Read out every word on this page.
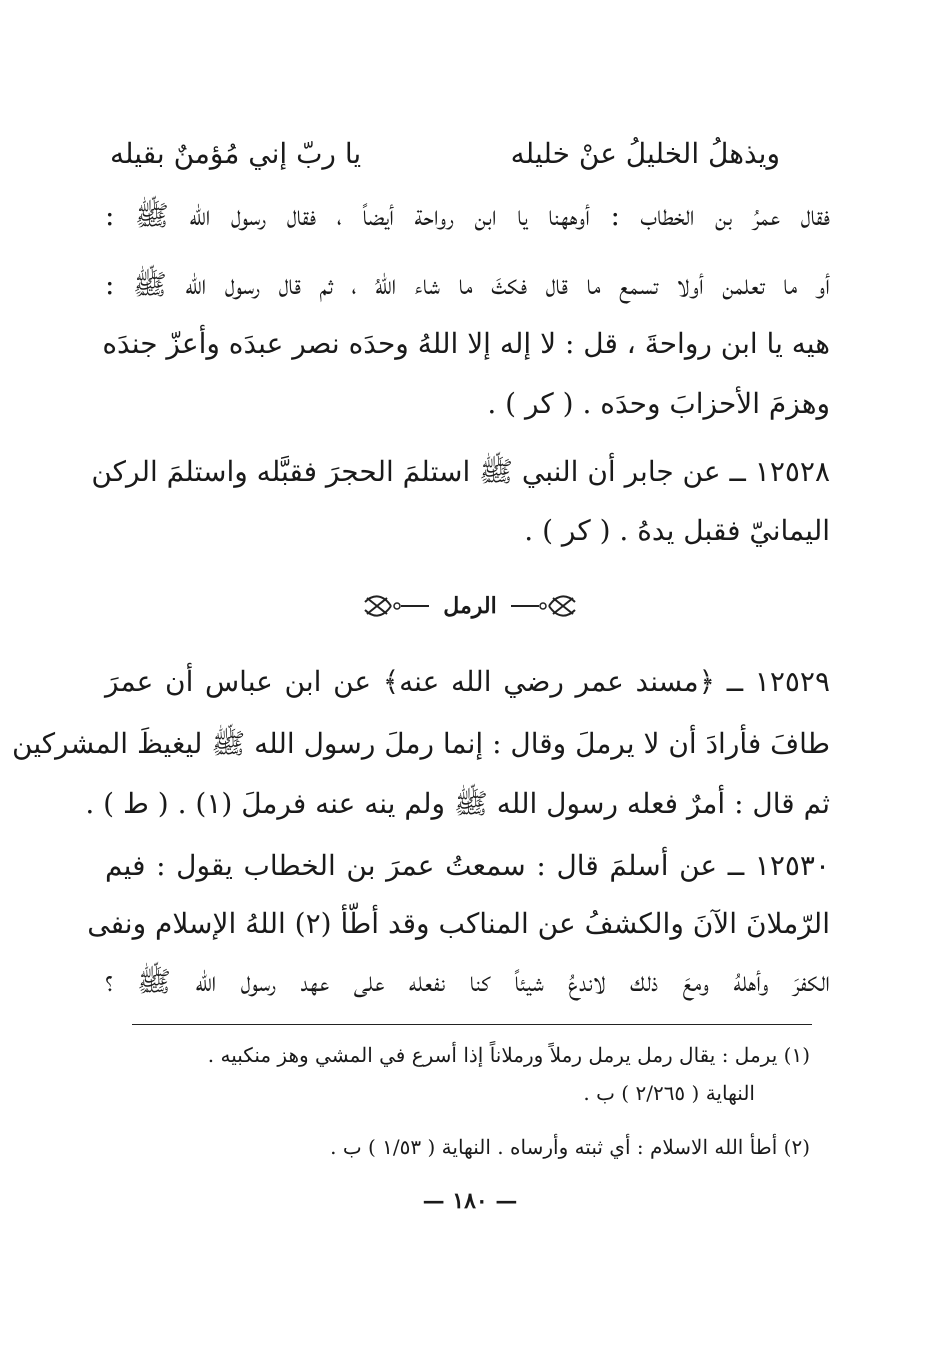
ويذهلُ الخليلُ عنْ خليله
يا ربّ إني مُؤمنٌ بقيله
فقال عمرُ بن الخطاب : أوههنا يا ابن رواحة أيضاً ، فقال رسول الله ﷺ :
أو ما تعلمن أولا تسمع ما قال فكثَ ما شاء اللهُ ، ثم قال رسول الله ﷺ :
هيه يا ابن رواحةَ ، قل : لا إله إلا اللهُ وحدَه نصر عبدَه وأعزّ جندَه
وهزمَ الأحزابَ وحدَه . ( كر ) .
١٢٥٢٨ ــ عن جابر أن النبي ﷺ استلمَ الحجرَ فقبَّله واستلمَ الركن
اليمانيّ فقبل يدهُ . ( كر ) .
الرمل
١٢٥٢٩ ــ ﴿مسند عمر رضي الله عنه﴾ عن ابن عباس أن عمرَ
طافَ فأرادَ أن لا يرملَ وقال : إنما رملَ رسول الله ﷺ ليغيظَ المشركين
ثم قال : أمرٌ فعله رسول الله ﷺ ولم ينه عنه فرملَ (١) . ( ط ) .
١٢٥٣٠ ــ عن أسلمَ قال : سمعتُ عمرَ بن الخطاب يقول : فيم
الرّملانَ الآنَ والكشفُ عن المناكب وقد أطّأ (٢) اللهُ الإسلام ونفى
الكفرَ وأهلهُ ومعَ ذلك لاندعُ شيئاً كنا نفعله على عهد رسول الله ﷺ ؟
(١) يرمل : يقال رمل يرمل رملاً ورملاناً إذا أسرع في المشي وهز منكبيه .
النهاية ( ٢/٢٦٥ ) ب .
(٢) أطأ الله الاسلام : أي ثبته وأرساه . النهاية ( ١/٥٣ ) ب .
— ١٨٠ —
